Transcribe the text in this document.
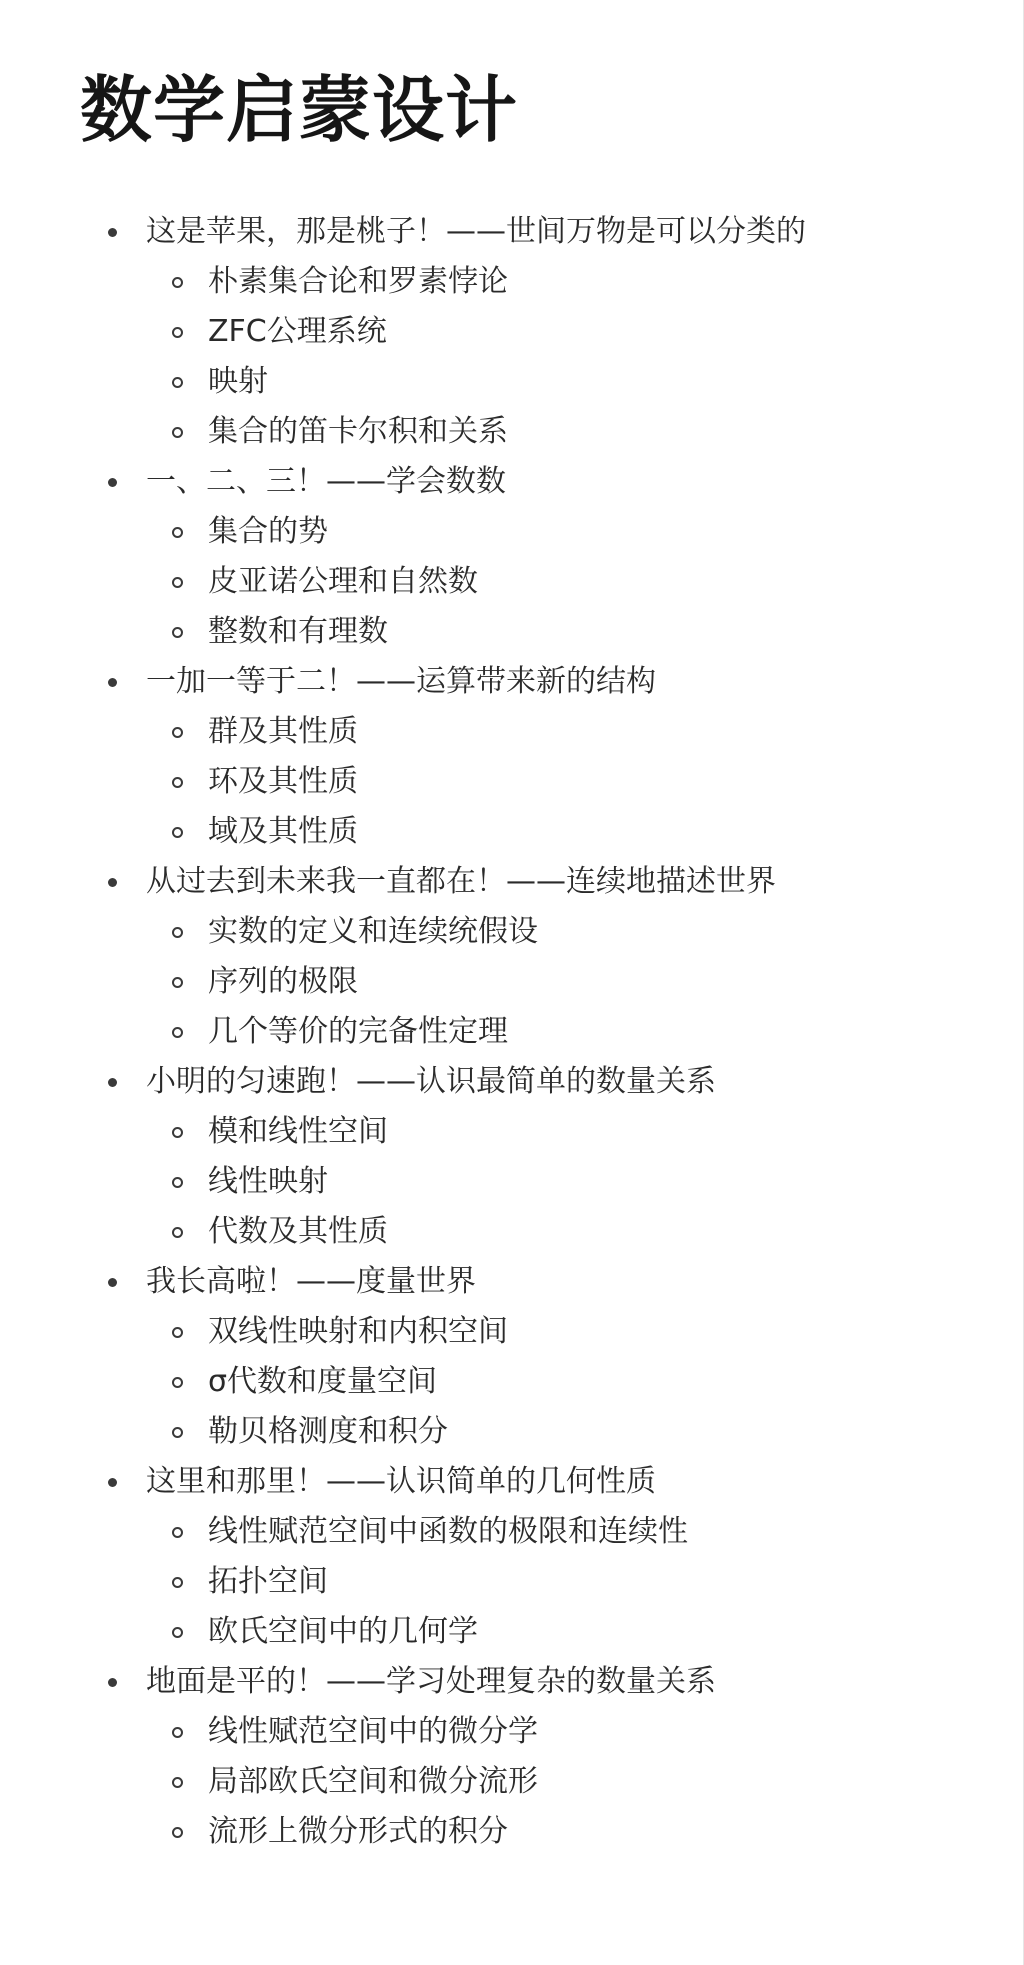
数学启蒙设计
这是苹果，那是桃子！——世间万物是可以分类的
朴素集合论和罗素悖论
ZFC公理系统
映射
集合的笛卡尔积和关系
一、二、三！——学会数数
集合的势
皮亚诺公理和自然数
整数和有理数
一加一等于二！——运算带来新的结构
群及其性质
环及其性质
域及其性质
从过去到未来我一直都在！——连续地描述世界
实数的定义和连续统假设
序列的极限
几个等价的完备性定理
小明的匀速跑！——认识最简单的数量关系
模和线性空间
线性映射
代数及其性质
我长高啦！——度量世界
双线性映射和内积空间
σ代数和度量空间
勒贝格测度和积分
这里和那里！——认识简单的几何性质
线性赋范空间中函数的极限和连续性
拓扑空间
欧氏空间中的几何学
地面是平的！——学习处理复杂的数量关系
线性赋范空间中的微分学
局部欧氏空间和微分流形
流形上微分形式的积分
